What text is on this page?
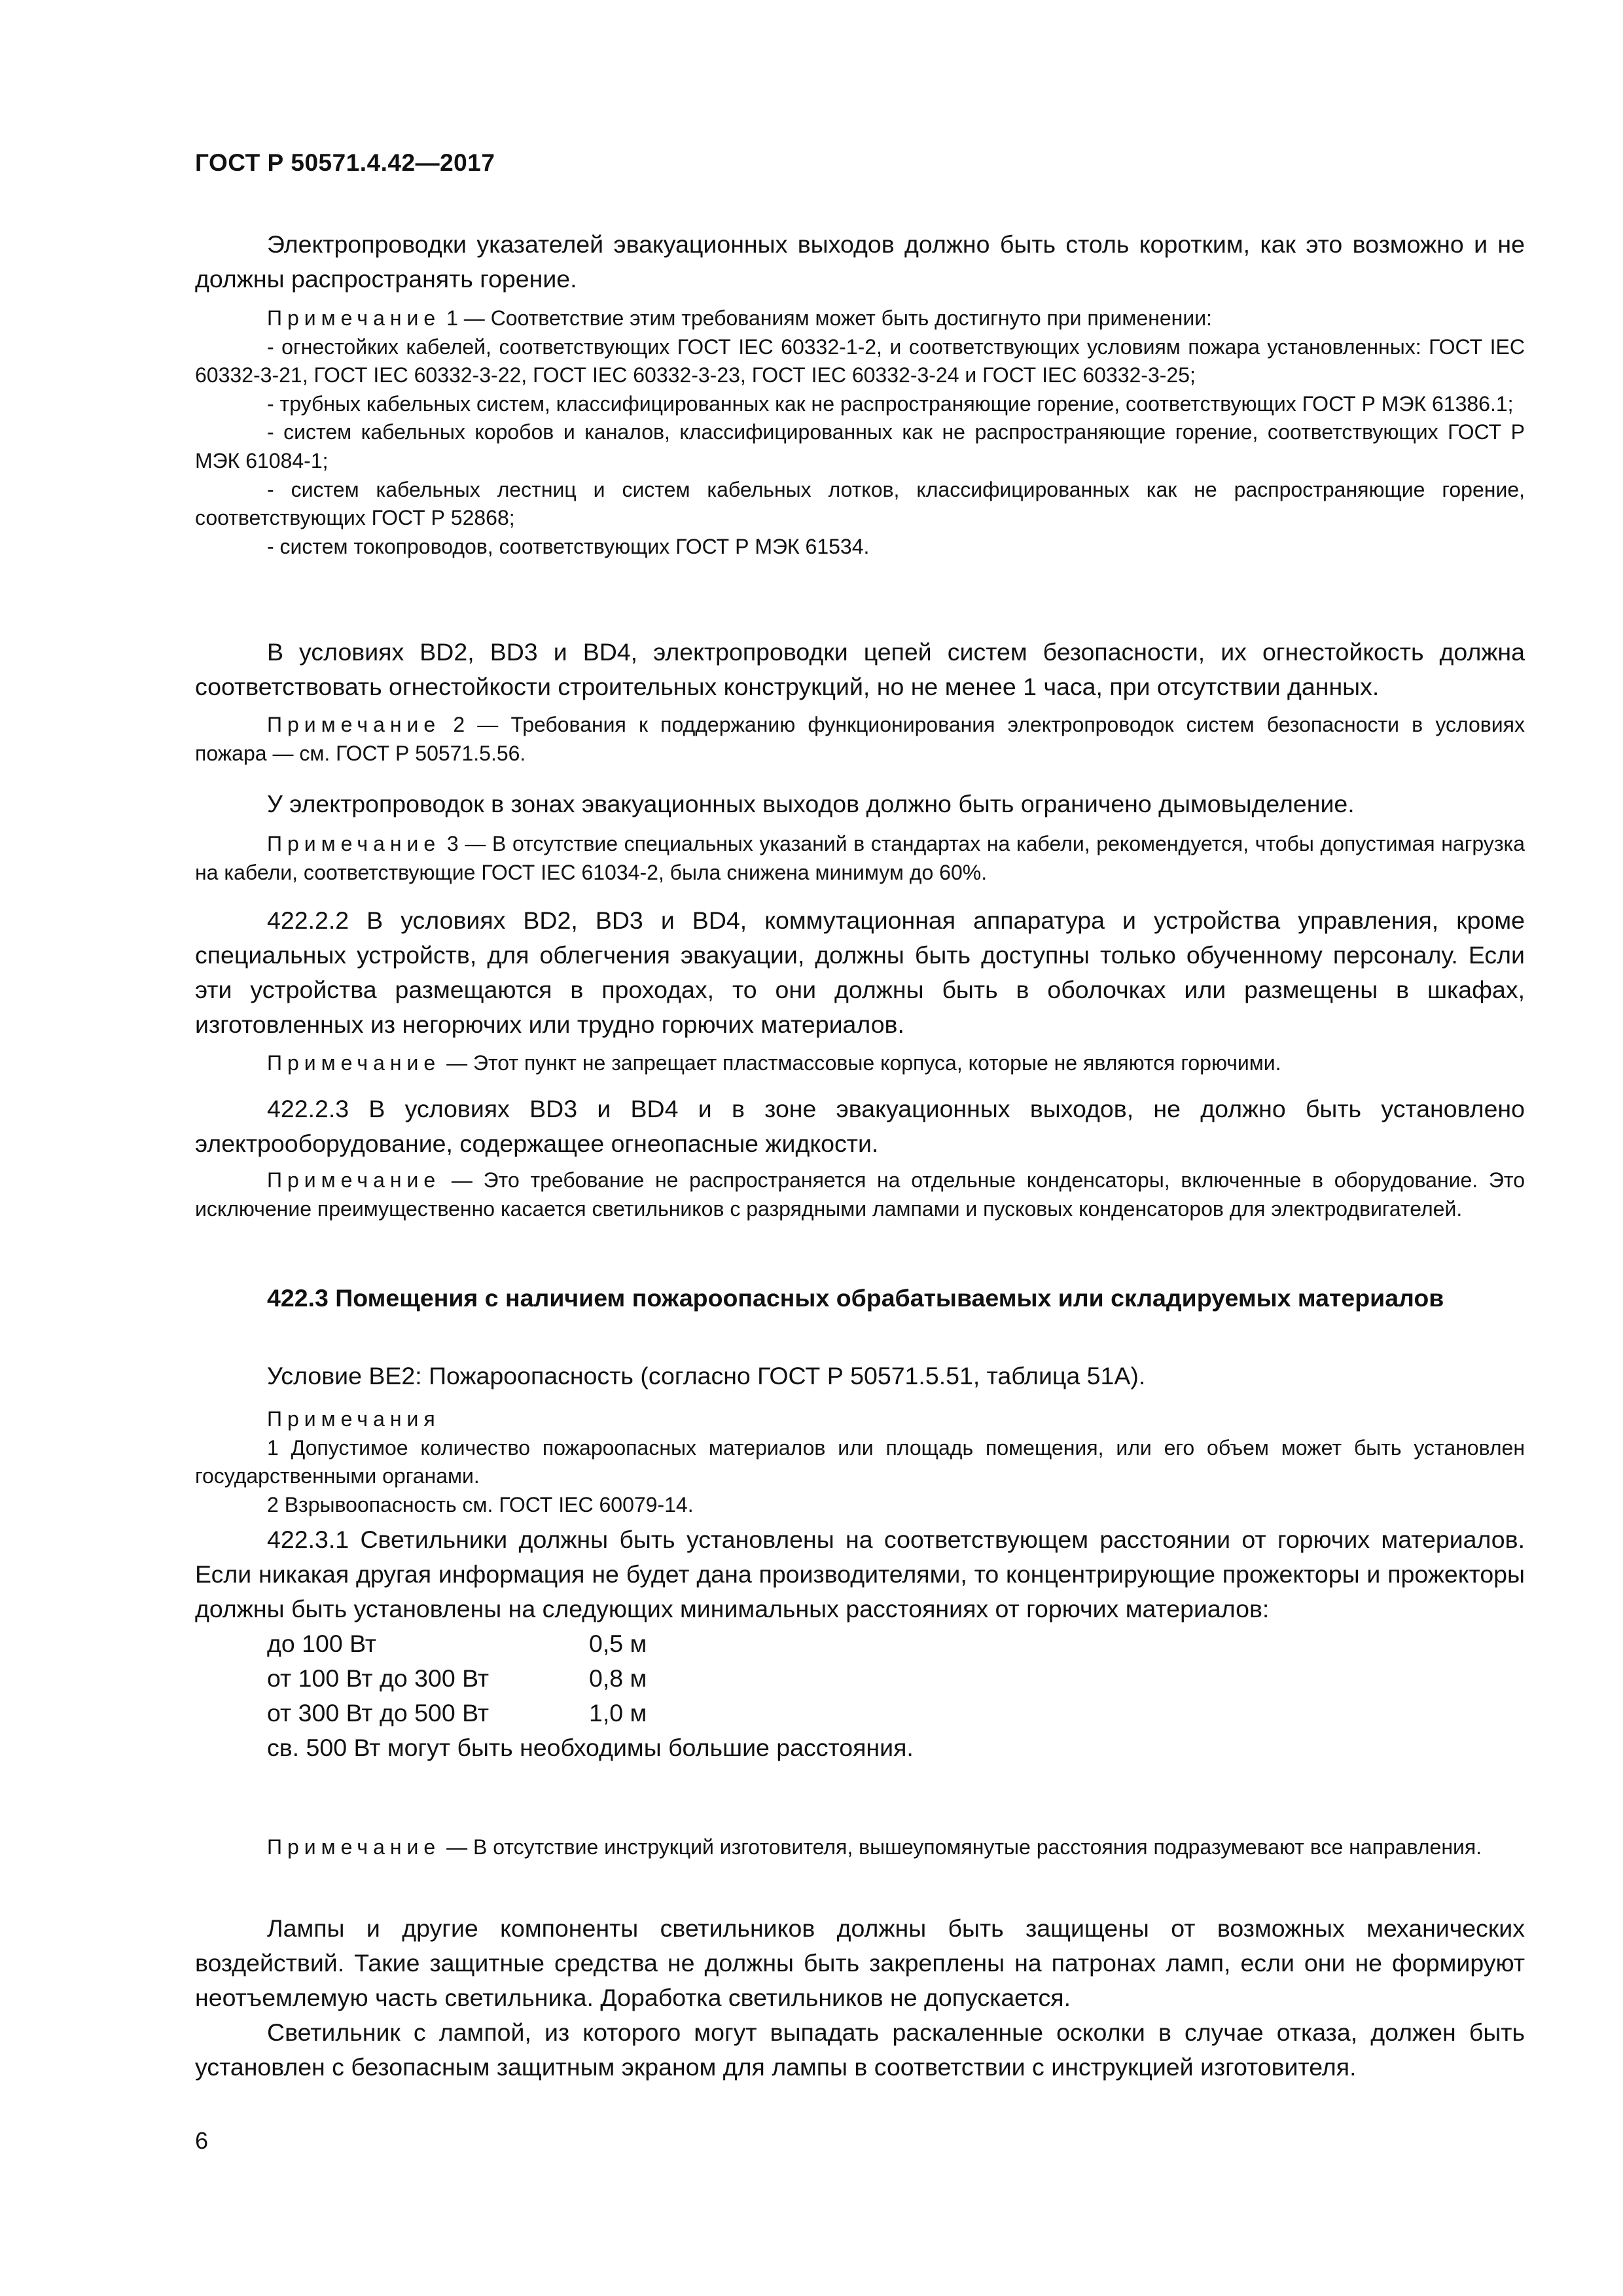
ГОСТ Р 50571.4.42—2017

Электропроводки указателей эвакуационных выходов должно быть столь коротким, как это возможно и не должны распространять горение.

Примечание 1 — Соответствие этим требованиям может быть достигнуто при применении:

- огнестойких кабелей, соответствующих ГОСТ IEC 60332-1-2, и соответствующих условиям пожара установленных: ГОСТ IEC 60332-3-21, ГОСТ IEC 60332-3-22, ГОСТ IEC 60332-3-23, ГОСТ IEC 60332-3-24 и ГОСТ IEC 60332-3-25;

- трубных кабельных систем, классифицированных как не распространяющие горение, соответствующих ГОСТ Р МЭК 61386.1;

- систем кабельных коробов и каналов, классифицированных как не распространяющие горение, соответствующих ГОСТ Р МЭК 61084-1;

- систем кабельных лестниц и систем кабельных лотков, классифицированных как не распространяющие горение, соответствующих ГОСТ Р 52868;

- систем токопроводов, соответствующих ГОСТ Р МЭК 61534.

В условиях BD2, BD3 и BD4, электропроводки цепей систем безопасности, их огнестойкость должна соответствовать огнестойкости строительных конструкций, но не менее 1 часа, при отсутствии данных.

Примечание 2 — Требования к поддержанию функционирования электропроводок систем безопасности в условиях пожара — см. ГОСТ Р 50571.5.56.

У электропроводок в зонах эвакуационных выходов должно быть ограничено дымовыделение.

Примечание 3 — В отсутствие специальных указаний в стандартах на кабели, рекомендуется, чтобы допустимая нагрузка на кабели, соответствующие ГОСТ IEC 61034-2, была снижена минимум до 60%.

422.2.2 В условиях BD2, BD3 и BD4, коммутационная аппаратура и устройства управления, кроме специальных устройств, для облегчения эвакуации, должны быть доступны только обученному персоналу. Если эти устройства размещаются в проходах, то они должны быть в оболочках или размещены в шкафах, изготовленных из негорючих или трудно горючих материалов.

Примечание — Этот пункт не запрещает пластмассовые корпуса, которые не являются горючими.

422.2.3 В условиях BD3 и BD4 и в зоне эвакуационных выходов, не должно быть установлено электрооборудование, содержащее огнеопасные жидкости.

Примечание — Это требование не распространяется на отдельные конденсаторы, включенные в оборудование. Это исключение преимущественно касается светильников с разрядными лампами и пусковых конденсаторов для электродвигателей.

422.3 Помещения с наличием пожароопасных обрабатываемых или складируемых материалов

Условие BE2: Пожароопасность (согласно ГОСТ Р 50571.5.51, таблица 51А).

Примечания

1 Допустимое количество пожароопасных материалов или площадь помещения, или его объем может быть установлен государственными органами.

2 Взрывоопасность см. ГОСТ IEC 60079-14.

422.3.1 Светильники должны быть установлены на соответствующем расстоянии от горючих материалов. Если никакая другая информация не будет дана производителями, то концентрирующие прожекторы и прожекторы должны быть установлены на следующих минимальных расстояниях от горючих материалов:

до 100 Вт	0,5 м
от 100 Вт до 300 Вт	0,8 м
от 300 Вт до 500 Вт	1,0 м
св. 500 Вт могут быть необходимы большие расстояния.

Примечание — В отсутствие инструкций изготовителя, вышеупомянутые расстояния подразумевают все направления.

Лампы и другие компоненты светильников должны быть защищены от возможных механических воздействий. Такие защитные средства не должны быть закреплены на патронах ламп, если они не формируют неотъемлемую часть светильника. Доработка светильников не допускается.

Светильник с лампой, из которого могут выпадать раскаленные осколки в случае отказа, должен быть установлен с безопасным защитным экраном для лампы в соответствии с инструкцией изготовителя.

6
